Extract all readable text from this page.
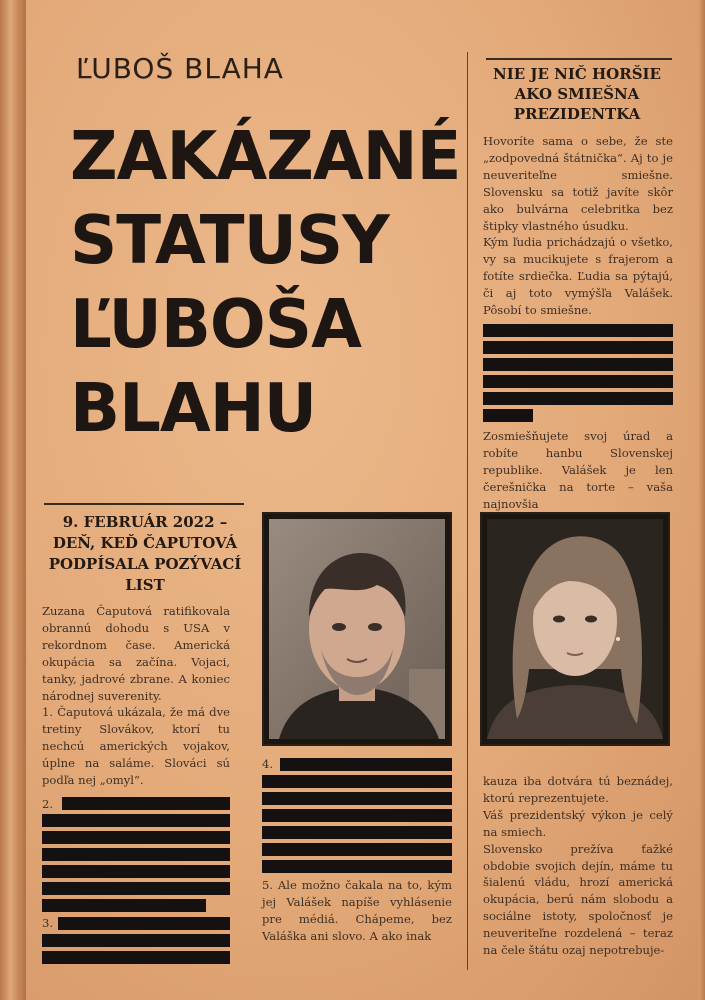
ĽUBOŠ BLAHA
ZAKÁZANÉ
STATUSY
ĽUBOŠA
BLAHU
NIE JE NIČ HORŠIE AKO SMIEŠNA PREZIDENTKA

Hovoríte sama o sebe, že ste „zodpovedná štátnička“. Aj to je neuveriteľne smiešne. Slovensku sa totiž javíte skôr ako bulvárna celebritka bez štipky vlastného úsudku.

Kým ľudia prichádzajú o všetko, vy sa mucikujete s frajerom a fotíte srdiečka. Ľudia sa pýtajú, či aj toto vymýšľa Valášek. Pôsobí to smiešne.

Zosmiešňujete svoj úrad a robíte hanbu Slovenskej republike. Valášek je len čerešnička na torte – vaša najnovšia

9. FEBRUÁR 2022 – DEŇ, KEĎ ČAPUTOVÁ PODPÍSALA POZÝVACÍ LIST

Zuzana Čaputová ratifikovala obrannú dohodu s USA v rekordnom čase. Americká okupácia sa začína. Vojaci, tanky, jadrové zbrane. A koniec národnej suverenity.

1. Čaputová ukázala, že má dve tretiny Slovákov, ktorí tu nechcú amerických vojakov, úplne na saláme. Slováci sú podľa nej „omyl“.

2.
3.
4.

5. Ale možno čakala na to, kým jej Valášek napíše vyhlásenie pre médiá. Chápeme, bez Valáška ani slovo. A ako inak

kauza iba dotvára tú beznádej, ktorú reprezentujete.

Váš prezidentský výkon je celý na smiech.

Slovensko prežíva ťažké obdobie svojich dejín, máme tu šialenú vládu, hrozí americká okupácia, berú nám slobodu a sociálne istoty, spoločnosť je neuveriteľne rozdelená – teraz na čele štátu ozaj nepotrebuje-
